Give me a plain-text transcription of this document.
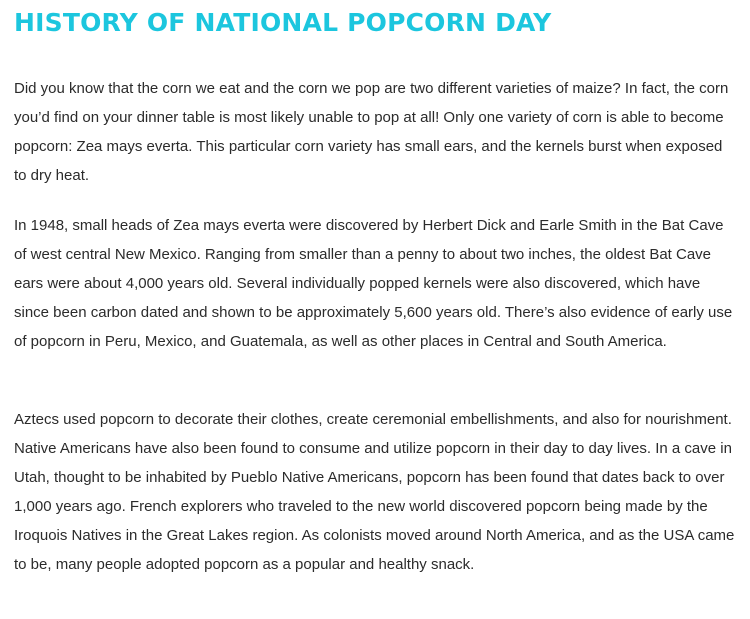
HISTORY OF NATIONAL POPCORN DAY

Did you know that the corn we eat and the corn we pop are two different varieties of maize? In fact, the corn you’d find on your dinner table is most likely unable to pop at all! Only one variety of corn is able to become popcorn: Zea mays everta. This particular corn variety has small ears, and the kernels burst when exposed to dry heat.

In 1948, small heads of Zea mays everta were discovered by Herbert Dick and Earle Smith in the Bat Cave of west central New Mexico. Ranging from smaller than a penny to about two inches, the oldest Bat Cave ears were about 4,000 years old. Several individually popped kernels were also discovered, which have since been carbon dated and shown to be approximately 5,600 years old. There’s also evidence of early use of popcorn in Peru, Mexico, and Guatemala, as well as other places in Central and South America.

Aztecs used popcorn to decorate their clothes, create ceremonial embellishments, and also for nourishment. Native Americans have also been found to consume and utilize popcorn in their day to day lives. In a cave in Utah, thought to be inhabited by Pueblo Native Americans, popcorn has been found that dates back to over 1,000 years ago. French explorers who traveled to the new world discovered popcorn being made by the Iroquois Natives in the Great Lakes region. As colonists moved around North America, and as the USA came to be, many people adopted popcorn as a popular and healthy snack.
